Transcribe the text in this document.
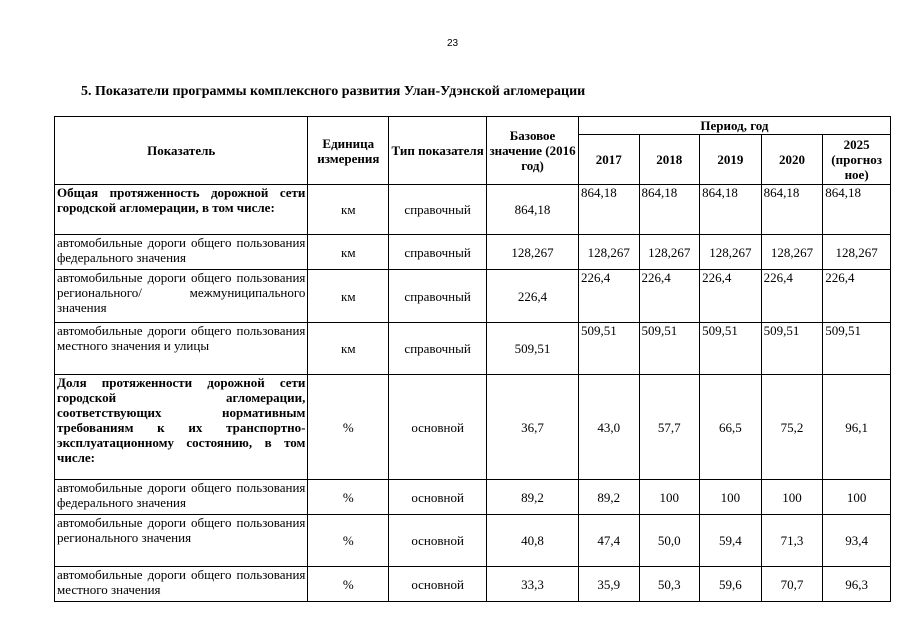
23
5. Показатели программы комплексного развития Улан-Удэнской агломерации
Показатель	Единица измерения	Тип показателя	Базовое значение (2016 год)	Период, год				
				2017	2018	2019	2020	2025 (прогноз ное)
Общая протяженность дорожной сети городской агломерации, в том числе:	км	справочный	864,18	864,18	864,18	864,18	864,18	864,18
автомобильные дороги общего пользования федерального значения	км	справочный	128,267	128,267	128,267	128,267	128,267	128,267
автомобильные дороги общего пользования регионального/ межмуниципального значения	км	справочный	226,4	226,4	226,4	226,4	226,4	226,4
автомобильные дороги общего пользования местного значения и улицы	км	справочный	509,51	509,51	509,51	509,51	509,51	509,51
Доля протяженности дорожной сети городской агломерации, соответствующих нормативным требованиям к их транспортно-эксплуатационному состоянию, в том числе:	%	основной	36,7	43,0	57,7	66,5	75,2	96,1
автомобильные дороги общего пользования федерального значения	%	основной	89,2	89,2	100	100	100	100
автомобильные дороги общего пользования регионального значения	%	основной	40,8	47,4	50,0	59,4	71,3	93,4
автомобильные дороги общего пользования местного значения	%	основной	33,3	35,9	50,3	59,6	70,7	96,3
